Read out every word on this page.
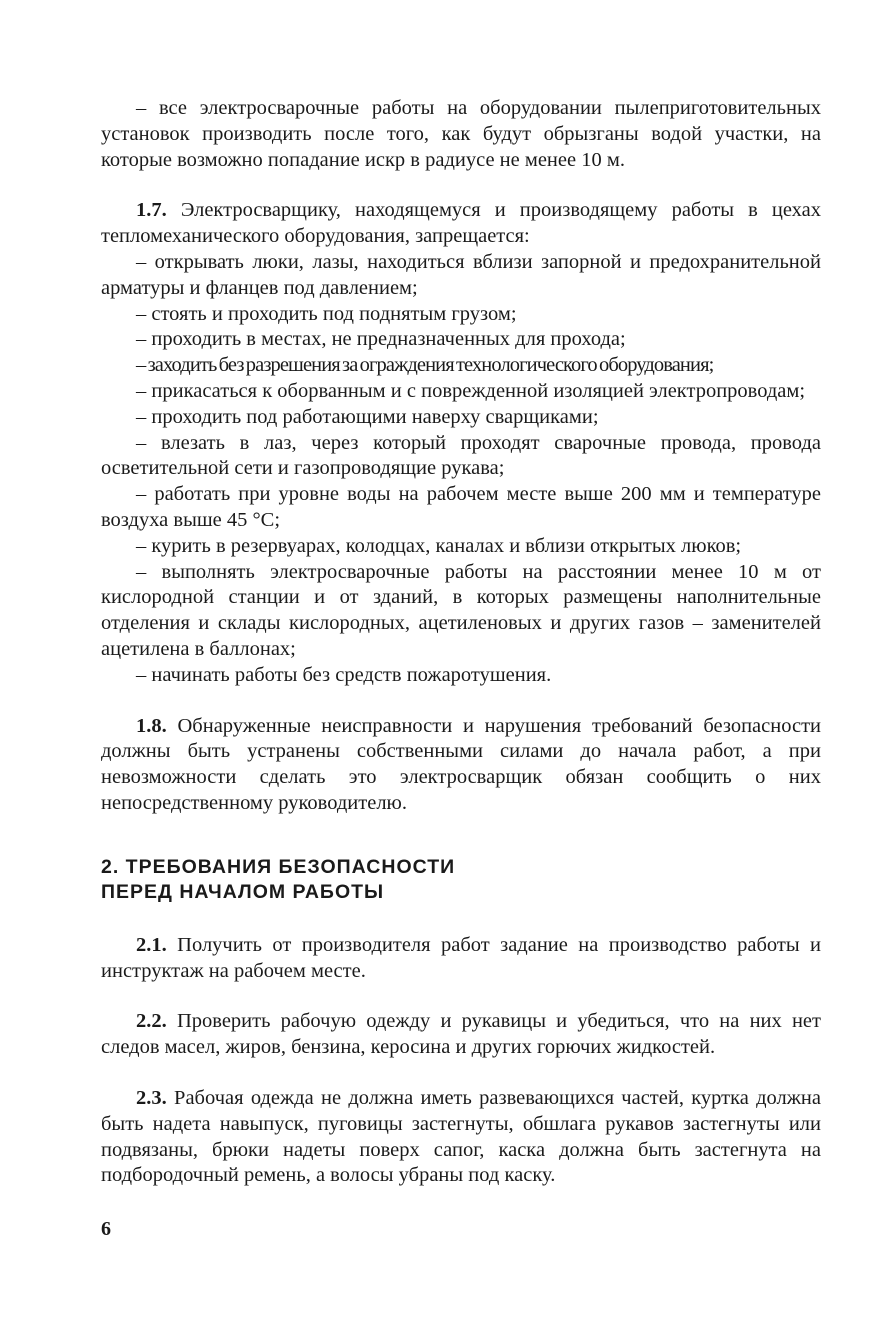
– все электросварочные работы на оборудовании пылеприготовительных установок производить после того, как будут обрызганы водой участки, на которые возможно попадание искр в радиусе не менее 10 м.

1.7. Электросварщику, находящемуся и производящему работы в цехах тепломеханического оборудования, запрещается:

– открывать люки, лазы, находиться вблизи запорной и предохранительной арматуры и фланцев под давлением;

– стоять и проходить под поднятым грузом;

– проходить в местах, не предназначенных для прохода;

– заходить без разрешения за ограждения технологического оборудования;

– прикасаться к оборванным и с поврежденной изоляцией электропроводам;

– проходить под работающими наверху сварщиками;

– влезать в лаз, через который проходят сварочные провода, провода осветительной сети и газопроводящие рукава;

– работать при уровне воды на рабочем месте выше 200 мм и температуре воздуха выше 45 °С;

– курить в резервуарах, колодцах, каналах и вблизи открытых люков;

– выполнять электросварочные работы на расстоянии менее 10 м от кислородной станции и от зданий, в которых размещены наполнительные отделения и склады кислородных, ацетиленовых и других газов – заменителей ацетилена в баллонах;

– начинать работы без средств пожаротушения.

1.8. Обнаруженные неисправности и нарушения требований безопасности должны быть устранены собственными силами до начала работ, а при невозможности сделать это электросварщик обязан сообщить о них непосредственному руководителю.

2. ТРЕБОВАНИЯ БЕЗОПАСНОСТИ

ПЕРЕД НАЧАЛОМ РАБОТЫ

2.1. Получить от производителя работ задание на производство работы и инструктаж на рабочем месте.

2.2. Проверить рабочую одежду и рукавицы и убедиться, что на них нет следов масел, жиров, бензина, керосина и других горючих жидкостей.

2.3. Рабочая одежда не должна иметь развевающихся частей, куртка должна быть надета навыпуск, пуговицы застегнуты, обшлага рукавов застегнуты или подвязаны, брюки надеты поверх сапог, каска должна быть застегнута на подбородочный ремень, а волосы убраны под каску.

6
